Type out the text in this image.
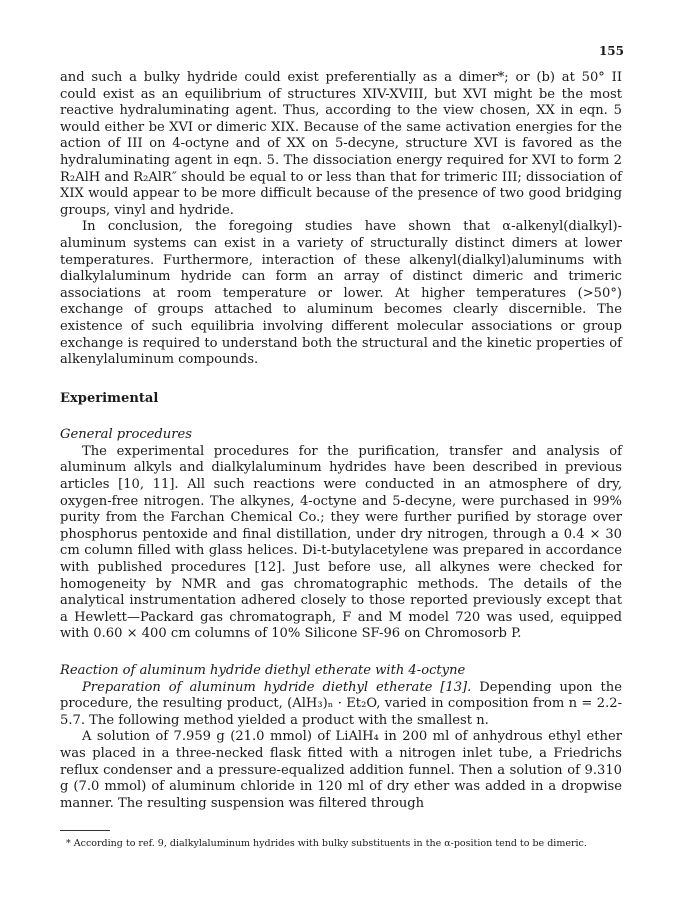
155

and such a bulky hydride could exist preferentially as a dimer*; or (b) at 50° II could exist as an equilibrium of structures XIV-XVIII, but XVI might be the most reactive hydraluminating agent. Thus, according to the view chosen, XX in eqn. 5 would either be XVI or dimeric XIX. Because of the same activation energies for the action of III on 4-octyne and of XX on 5-decyne, structure XVI is favored as the hydraluminating agent in eqn. 5. The dissociation energy required for XVI to form 2 R₂AlH and R₂AlR″ should be equal to or less than that for trimeric III; dissociation of XIX would appear to be more difficult because of the presence of two good bridging groups, vinyl and hydride.

In conclusion, the foregoing studies have shown that α-alkenyl(dialkyl)-aluminum systems can exist in a variety of structurally distinct dimers at lower temperatures. Furthermore, interaction of these alkenyl(dialkyl)aluminums with dialkylaluminum hydride can form an array of distinct dimeric and trimeric associations at room temperature or lower. At higher temperatures (>50°) exchange of groups attached to aluminum becomes clearly discernible. The existence of such equilibria involving different molecular associations or group exchange is required to understand both the structural and the kinetic properties of alkenylaluminum compounds.

Experimental
General procedures

The experimental procedures for the purification, transfer and analysis of aluminum alkyls and dialkylaluminum hydrides have been described in previous articles [10, 11]. All such reactions were conducted in an atmosphere of dry, oxygen-free nitrogen. The alkynes, 4-octyne and 5-decyne, were purchased in 99% purity from the Farchan Chemical Co.; they were further purified by storage over phosphorus pentoxide and final distillation, under dry nitrogen, through a 0.4 × 30 cm column filled with glass helices. Di-t-butylacetylene was prepared in accordance with published procedures [12]. Just before use, all alkynes were checked for homogeneity by NMR and gas chromatographic methods. The details of the analytical instrumentation adhered closely to those reported previously except that a Hewlett—Packard gas chromatograph, F and M model 720 was used, equipped with 0.60 × 400 cm columns of 10% Silicone SF-96 on Chromosorb P.

Reaction of aluminum hydride diethyl etherate with 4-octyne

Preparation of aluminum hydride diethyl etherate [13]. Depending upon the procedure, the resulting product, (AlH₃)ₙ · Et₂O, varied in composition from n = 2.2-5.7. The following method yielded a product with the smallest n.

A solution of 7.959 g (21.0 mmol) of LiAlH₄ in 200 ml of anhydrous ethyl ether was placed in a three-necked flask fitted with a nitrogen inlet tube, a Friedrichs reflux condenser and a pressure-equalized addition funnel. Then a solution of 9.310 g (7.0 mmol) of aluminum chloride in 120 ml of dry ether was added in a dropwise manner. The resulting suspension was filtered through

* According to ref. 9, dialkylaluminum hydrides with bulky substituents in the α-position tend to be dimeric.
